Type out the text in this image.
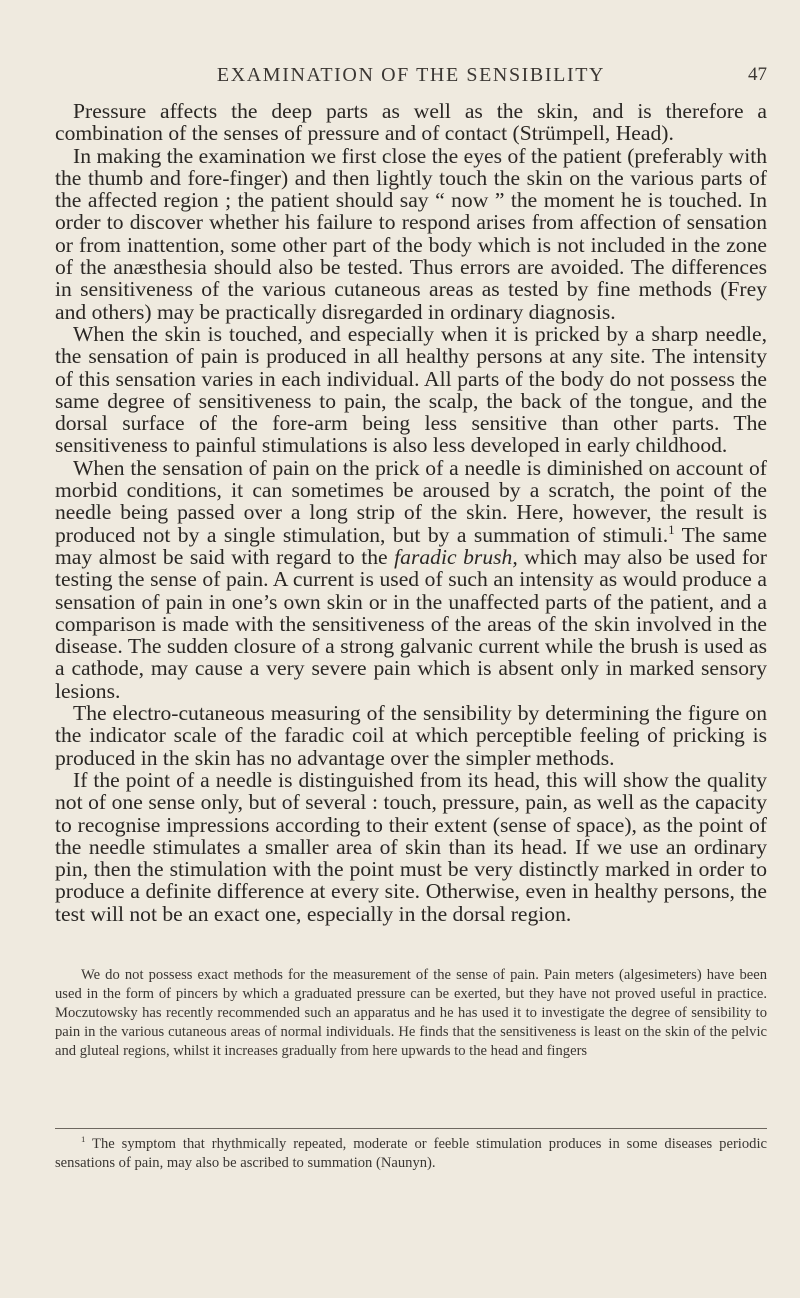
EXAMINATION OF THE SENSIBILITY	47

Pressure affects the deep parts as well as the skin, and is therefore a combination of the senses of pressure and of contact (Strümpell, Head).

In making the examination we first close the eyes of the patient (preferably with the thumb and fore-finger) and then lightly touch the skin on the various parts of the affected region ; the patient should say “ now ” the moment he is touched. In order to discover whether his failure to respond arises from affection of sensation or from inattention, some other part of the body which is not included in the zone of the anæsthesia should also be tested. Thus errors are avoided. The differences in sensitiveness of the various cutaneous areas as tested by fine methods (Frey and others) may be practically disregarded in ordinary diagnosis.

When the skin is touched, and especially when it is pricked by a sharp needle, the sensation of pain is produced in all healthy persons at any site. The intensity of this sensation varies in each individual. All parts of the body do not possess the same degree of sensitiveness to pain, the scalp, the back of the tongue, and the dorsal surface of the fore-arm being less sensitive than other parts. The sensitiveness to painful stimulations is also less developed in early childhood.

When the sensation of pain on the prick of a needle is diminished on account of morbid conditions, it can sometimes be aroused by a scratch, the point of the needle being passed over a long strip of the skin. Here, however, the result is produced not by a single stimulation, but by a summation of stimuli.$^1$ The same may almost be said with regard to the faradic brush, which may also be used for testing the sense of pain. A current is used of such an intensity as would produce a sensation of pain in one’s own skin or in the unaffected parts of the patient, and a comparison is made with the sensitiveness of the areas of the skin involved in the disease. The sudden closure of a strong galvanic current while the brush is used as a cathode, may cause a very severe pain which is absent only in marked sensory lesions.

The electro-cutaneous measuring of the sensibility by determining the figure on the indicator scale of the faradic coil at which perceptible feeling of pricking is produced in the skin has no advantage over the simpler methods.

If the point of a needle is distinguished from its head, this will show the quality not of one sense only, but of several : touch, pressure, pain, as well as the capacity to recognise impressions according to their extent (sense of space), as the point of the needle stimulates a smaller area of skin than its head. If we use an ordinary pin, then the stimulation with the point must be very distinctly marked in order to produce a definite difference at every site. Otherwise, even in healthy persons, the test will not be an exact one, especially in the dorsal region.

We do not possess exact methods for the measurement of the sense of pain. Pain meters (algesimeters) have been used in the form of pincers by which a graduated pressure can be exerted, but they have not proved useful in practice. Moczutowsky has recently recommended such an apparatus and he has used it to investigate the degree of sensibility to pain in the various cutaneous areas of normal individuals. He finds that the sensitiveness is least on the skin of the pelvic and gluteal regions, whilst it increases gradually from here upwards to the head and fingers

$^1$ The symptom that rhythmically repeated, moderate or feeble stimulation produces in some diseases periodic sensations of pain, may also be ascribed to summation (Naunyn).
